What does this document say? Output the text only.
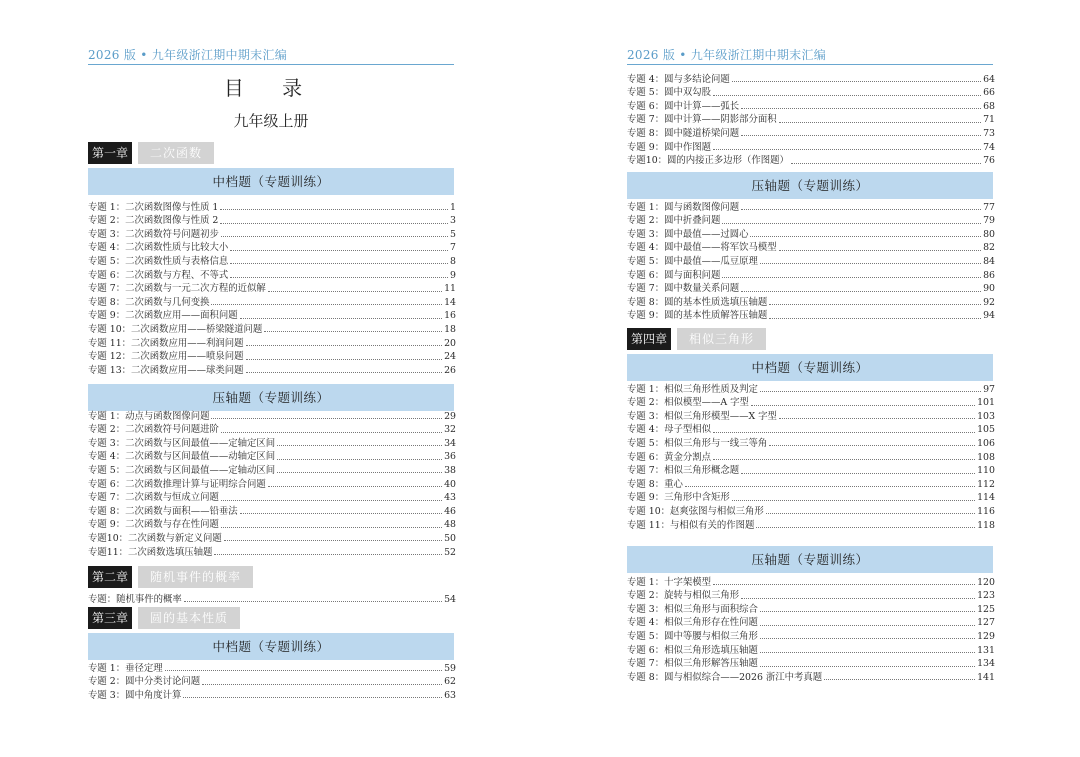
2026 版 • 九年级浙江期中期末汇编
目 录
九年级上册
第一章	二次函数
中档题（专题训练）
专题 1：二次函数图像与性质 1	1
专题 2：二次函数图像与性质 2	3
专题 3：二次函数符号问题初步	5
专题 4：二次函数性质与比较大小	7
专题 5：二次函数性质与表格信息	8
专题 6：二次函数与方程、不等式	9
专题 7：二次函数与一元二次方程的近似解	11
专题 8：二次函数与几何变换	14
专题 9：二次函数应用——面积问题	16
专题 10：二次函数应用——桥梁隧道问题	18
专题 11：二次函数应用——利润问题	20
专题 12：二次函数应用——喷泉问题	24
专题 13：二次函数应用——球类问题	26
压轴题（专题训练）
专题 1：动点与函数图像问题	29
专题 2：二次函数符号问题进阶	32
专题 3：二次函数与区间最值——定轴定区间	34
专题 4：二次函数与区间最值——动轴定区间	36
专题 5：二次函数与区间最值——定轴动区间	38
专题 6：二次函数推理计算与证明综合问题	40
专题 7：二次函数与恒成立问题	43
专题 8：二次函数与面积——铅垂法	46
专题 9：二次函数与存在性问题	48
专题10：二次函数与新定义问题	50
专题11：二次函数选填压轴题	52
第二章	随机事件的概率
专题：随机事件的概率	54
第三章	圆的基本性质
中档题（专题训练）
专题 1：垂径定理	59
专题 2：圆中分类讨论问题	62
专题 3：圆中角度计算	63
2026 版 • 九年级浙江期中期末汇编
专题 4：圆与多结论问题	64
专题 5：圆中双勾股	66
专题 6：圆中计算——弧长	68
专题 7：圆中计算——阴影部分面积	71
专题 8：圆中隧道桥梁问题	73
专题 9：圆中作图题	74
专题10：圆的内接正多边形（作图题）	76
压轴题（专题训练）
专题 1：圆与函数图像问题	77
专题 2：圆中折叠问题	79
专题 3：圆中最值——过圆心	80
专题 4：圆中最值——将军饮马模型	82
专题 5：圆中最值——瓜豆原理	84
专题 6：圆与面积问题	86
专题 7：圆中数量关系问题	90
专题 8：圆的基本性质选填压轴题	92
专题 9：圆的基本性质解答压轴题	94
第四章	相似三角形
中档题（专题训练）
专题 1：相似三角形性质及判定	97
专题 2：相似模型——A 字型	101
专题 3：相似三角形模型——X 字型	103
专题 4：母子型相似	105
专题 5：相似三角形与一线三等角	106
专题 6：黄金分割点	108
专题 7：相似三角形概念题	110
专题 8：重心	112
专题 9：三角形中含矩形	114
专题 10：赵爽弦图与相似三角形	116
专题 11：与相似有关的作图题	118
压轴题（专题训练）
专题 1：十字架模型	120
专题 2：旋转与相似三角形	123
专题 3：相似三角形与面积综合	125
专题 4：相似三角形存在性问题	127
专题 5：圆中等腰与相似三角形	129
专题 6：相似三角形选填压轴题	131
专题 7：相似三角形解答压轴题	134
专题 8：圆与相似综合——2026 浙江中考真题	141
